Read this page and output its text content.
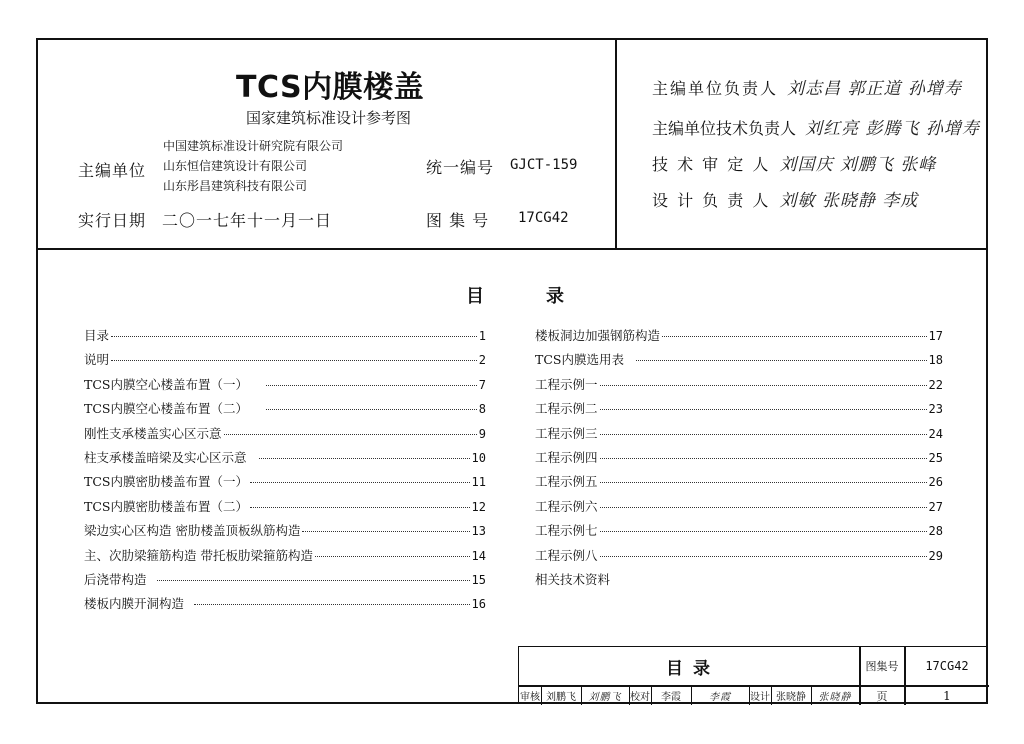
TCS内膜楼盖
国家建筑标准设计参考图
主编单位
中国建筑标准设计研究院有限公司
山东恒信建筑设计有限公司
山东彤昌建筑科技有限公司
统一编号 GJCT-159
实行日期 二〇一七年十一月一日	图 集 号 17CG42
主编单位负责人 刘志昌 郭正道 孙增寿
主编单位技术负责人 刘红亮 彭腾飞 孙增寿
技 术 审 定 人 刘国庆 刘鹏飞 张峰
设 计 负 责 人 刘敏 张晓静 李成
目	录
目录	1
说明	2
TCS内膜空心楼盖布置（一）	7
TCS内膜空心楼盖布置（二）	8
刚性支承楼盖实心区示意	9
柱支承楼盖暗梁及实心区示意	10
TCS内膜密肋楼盖布置（一）	11
TCS内膜密肋楼盖布置（二）	12
梁边实心区构造 密肋楼盖顶板纵筋构造	13
主、次肋梁箍筋构造 带托板肋梁箍筋构造	14
后浇带构造	15
楼板内膜开洞构造	16
楼板洞边加强钢筋构造	17
TCS内膜选用表	18
工程示例一	22
工程示例二	23
工程示例三	24
工程示例四	25
工程示例五	26
工程示例六	27
工程示例七	28
工程示例八	29
相关技术资料
目 录	图集号	17CG42
审核 刘鹏飞	刘鹏飞 校对	李霞	李霞	设计 张晓静	张晓静	页	1
